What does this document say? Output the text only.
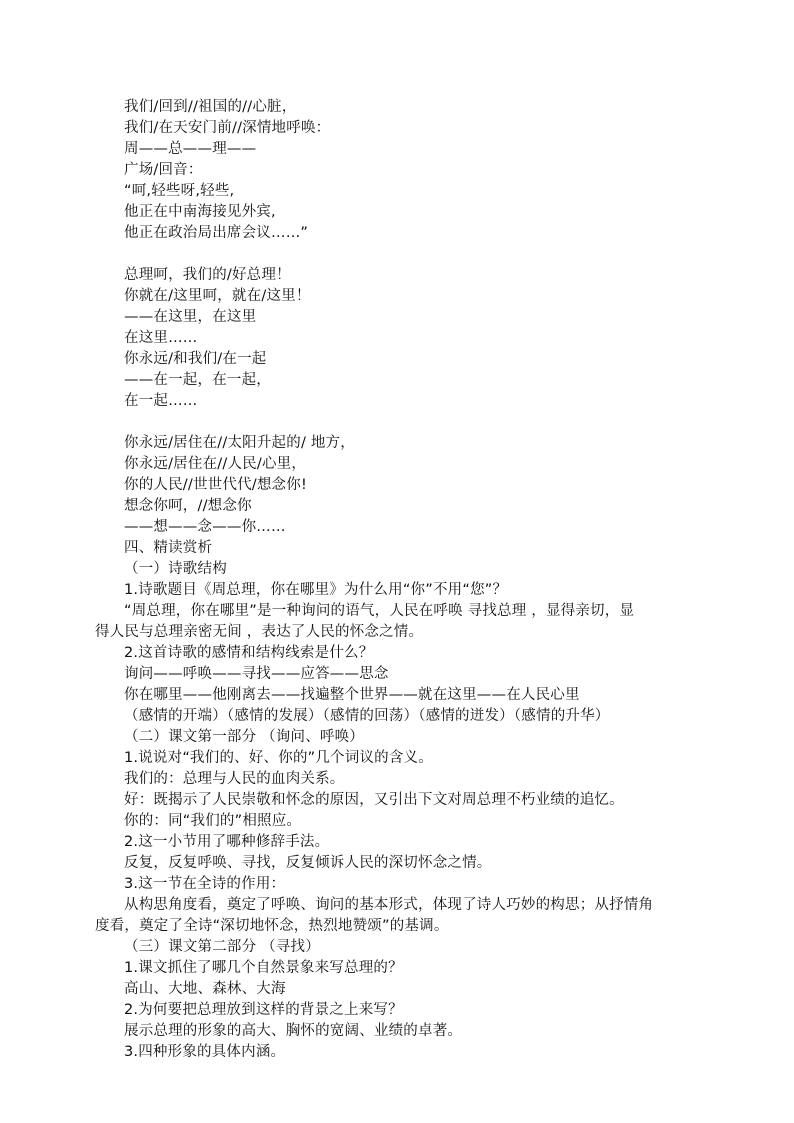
我们/回到//祖国的//心脏，
我们/在天安门前//深情地呼唤：
周——总——理——
广场/回音：
“呵,轻些呀,轻些,
他正在中南海接见外宾,
他正在政治局出席会议……”
总理呵，我们的/好总理！
你就在/这里呵，就在/这里！
——在这里，在这里
在这里……
你永远/和我们/在一起
——在一起，在一起，
在一起……
你永远/居住在//太阳升起的/ 地方，
你永远/居住在//人民/心里，
你的人民//世世代代/想念你!
想念你呵，//想念你
——想——念——你……
四、精读赏析
（一）诗歌结构
1.诗歌题目《周总理，你在哪里》为什么用“你”不用“您”？
“周总理，你在哪里”是一种询问的语气，人民在呼唤 寻找总理 ，显得亲切，显
得人民与总理亲密无间 ，表达了人民的怀念之情。
2.这首诗歌的感情和结构线索是什么？
询问——呼唤——寻找——应答——思念
你在哪里——他刚离去——找遍整个世界——就在这里——在人民心里
（感情的开端）（感情的发展）（感情的回荡）（感情的迸发）（感情的升华）
（二）课文第一部分 （询问、呼唤）
1.说说对“我们的、好、你的”几个词议的含义。
我们的：总理与人民的血肉关系。
好：既揭示了人民崇敬和怀念的原因，又引出下文对周总理不朽业绩的追忆。
你的：同“我们的”相照应。
2.这一小节用了哪种修辞手法。
反复，反复呼唤、寻找，反复倾诉人民的深切怀念之情。
3.这一节在全诗的作用：
从构思角度看，奠定了呼唤、询问的基本形式，体现了诗人巧妙的构思；从抒情角
度看，奠定了全诗“深切地怀念，热烈地赞颂”的基调。
（三）课文第二部分 （寻找）
1.课文抓住了哪几个自然景象来写总理的？
高山、大地、森林、大海
2.为何要把总理放到这样的背景之上来写？
展示总理的形象的高大、胸怀的宽阔、业绩的卓著。
3.四种形象的具体内涵。
